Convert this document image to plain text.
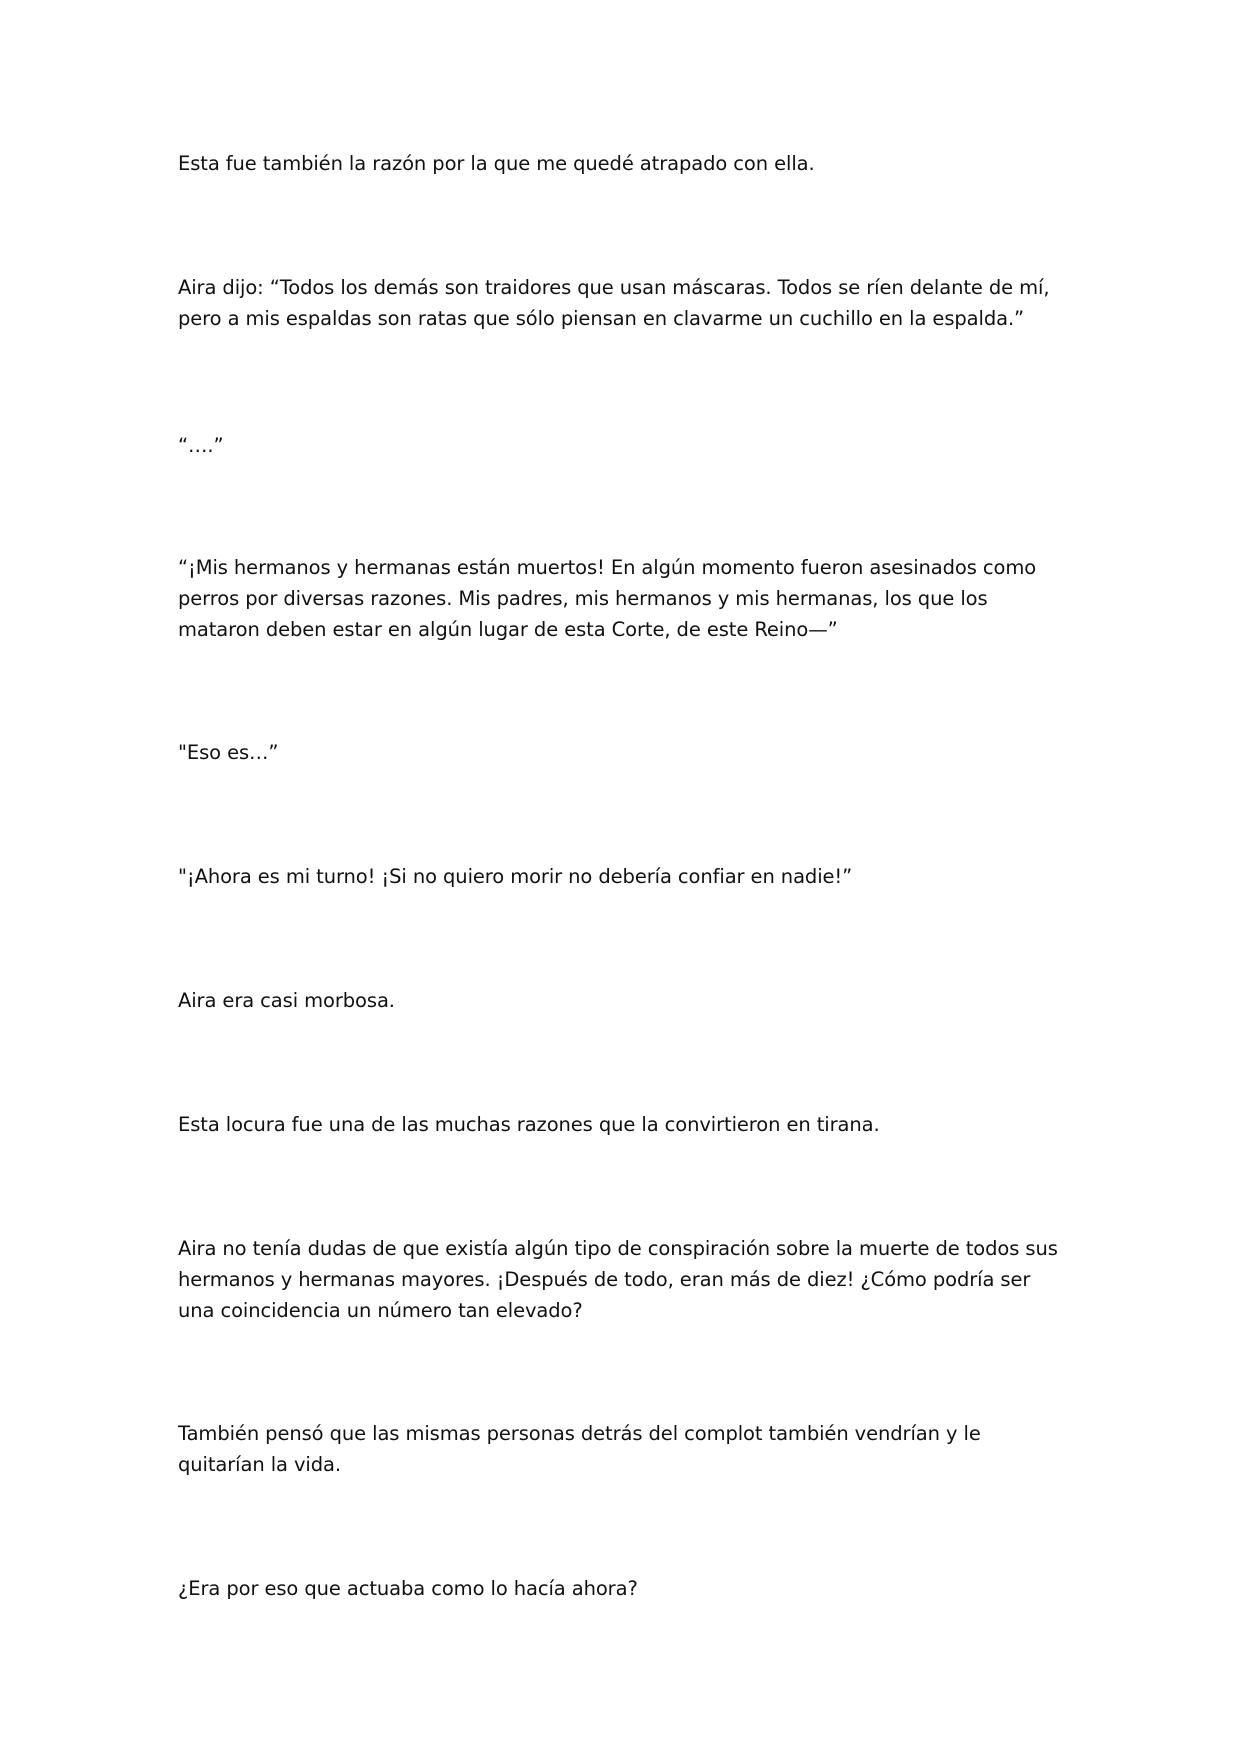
Esta fue también la razón por la que me quedé atrapado con ella.

Aira dijo: “Todos los demás son traidores que usan máscaras. Todos se ríen delante de mí, pero a mis espaldas son ratas que sólo piensan en clavarme un cuchillo en la espalda.”

“….”

“¡Mis hermanos y hermanas están muertos! En algún momento fueron asesinados como perros por diversas razones. Mis padres, mis hermanos y mis hermanas, los que los mataron deben estar en algún lugar de esta Corte, de este Reino—”

"Eso es…”

"¡Ahora es mi turno! ¡Si no quiero morir no debería confiar en nadie!”

Aira era casi morbosa.

Esta locura fue una de las muchas razones que la convirtieron en tirana.

Aira no tenía dudas de que existía algún tipo de conspiración sobre la muerte de todos sus hermanos y hermanas mayores. ¡Después de todo, eran más de diez! ¿Cómo podría ser una coincidencia un número tan elevado?

También pensó que las mismas personas detrás del complot también vendrían y le quitarían la vida.

¿Era por eso que actuaba como lo hacía ahora?
